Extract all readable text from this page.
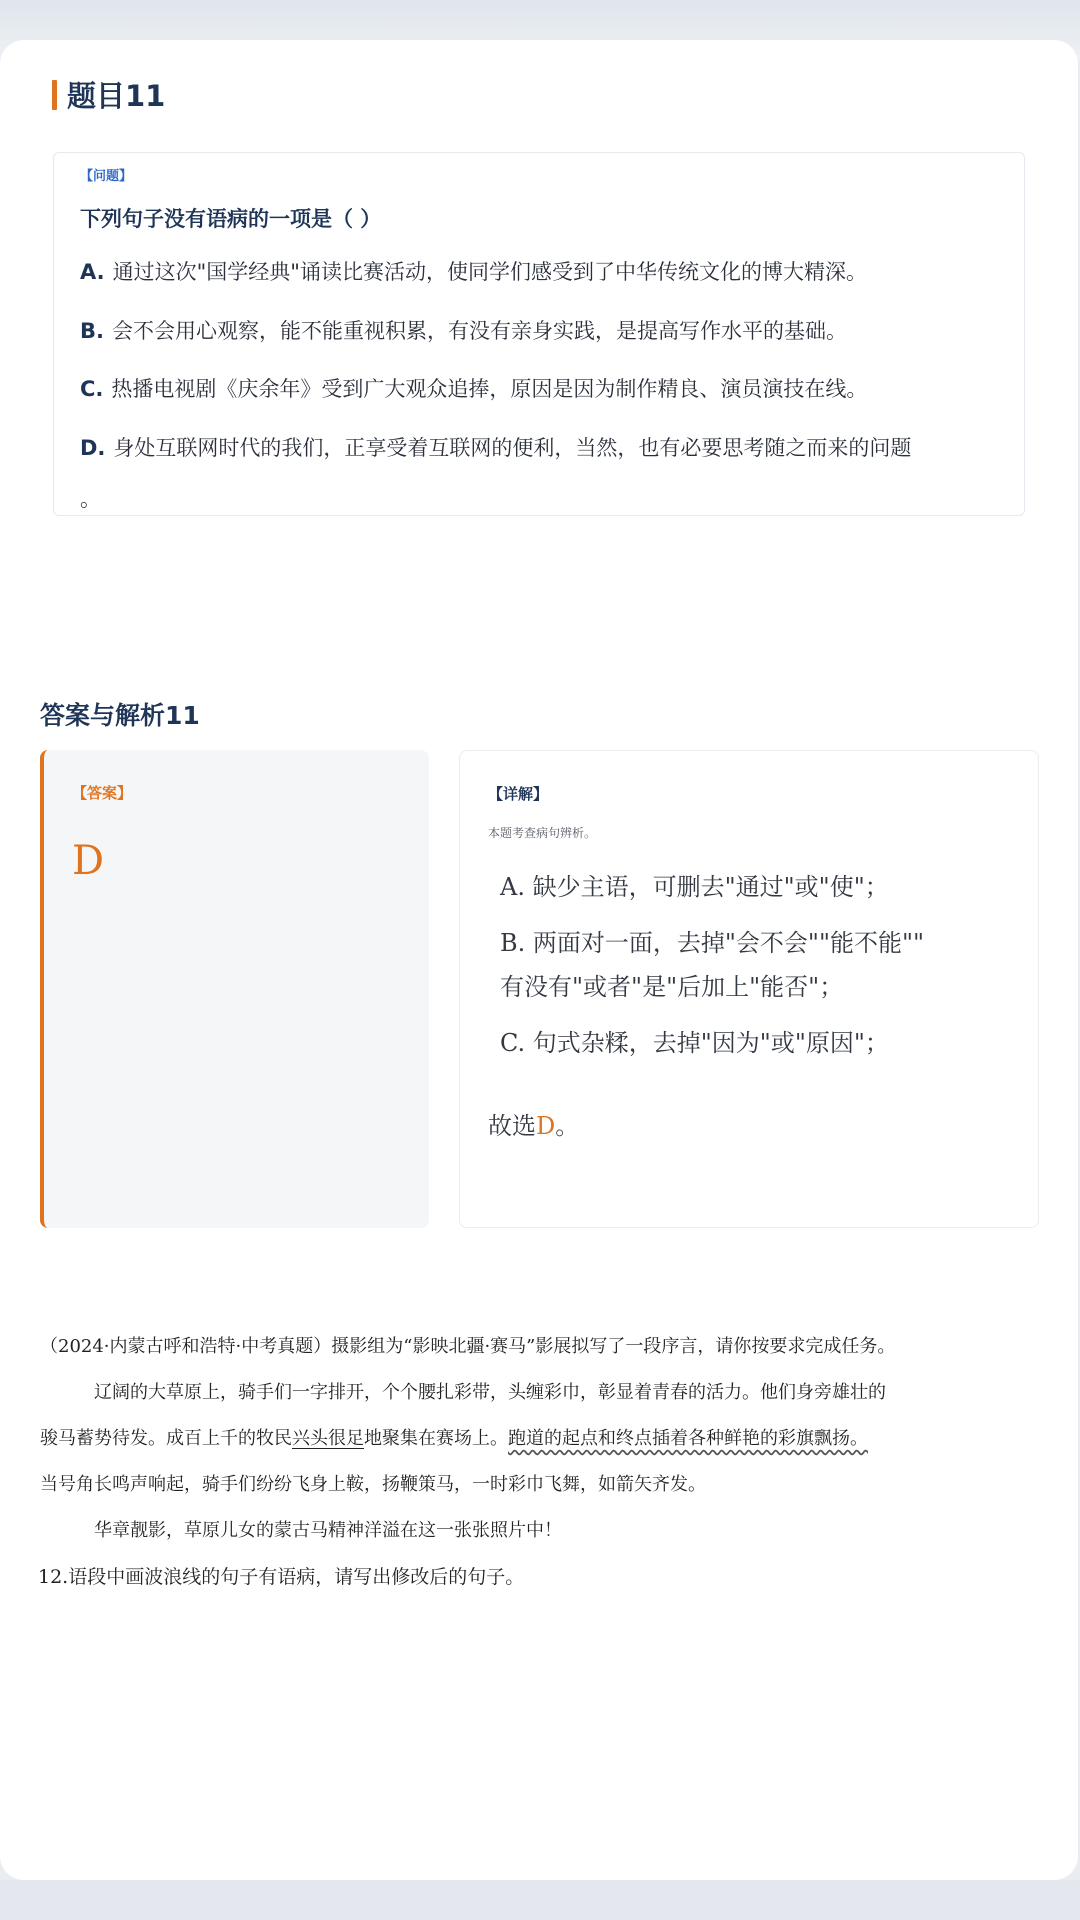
题目11
【问题】
下列句子没有语病的一项是（ ）
A. 通过这次"国学经典"诵读比赛活动，使同学们感受到了中华传统文化的博大精深。
B. 会不会用心观察，能不能重视积累，有没有亲身实践，是提高写作水平的基础。
C. 热播电视剧《庆余年》受到广大观众追捧，原因是因为制作精良、演员演技在线。
D. 身处互联网时代的我们，正享受着互联网的便利，当然，也有必要思考随之而来的问题
。
答案与解析11
【答案】
D
【详解】
本题考查病句辨析。
A. 缺少主语，可删去"通过"或"使"；
B. 两面对一面，去掉"会不会""能不能""
有没有"或者"是"后加上"能否"；
C. 句式杂糅，去掉"因为"或"原因"；
故选D。
（2024·内蒙古呼和浩特·中考真题）摄影组为“影映北疆·赛马”影展拟写了一段序言，请你按要求完成任务。
辽阔的大草原上，骑手们一字排开，个个腰扎彩带，头缠彩巾，彰显着青春的活力。他们身旁雄壮的
骏马蓄势待发。成百上千的牧民兴头很足地聚集在赛场上。跑道的起点和终点插着各种鲜艳的彩旗飘扬。
当号角长鸣声响起，骑手们纷纷飞身上鞍，扬鞭策马，一时彩巾飞舞，如箭矢齐发。
华章靓影，草原儿女的蒙古马精神洋溢在这一张张照片中！
12.语段中画波浪线的句子有语病，请写出修改后的句子。
